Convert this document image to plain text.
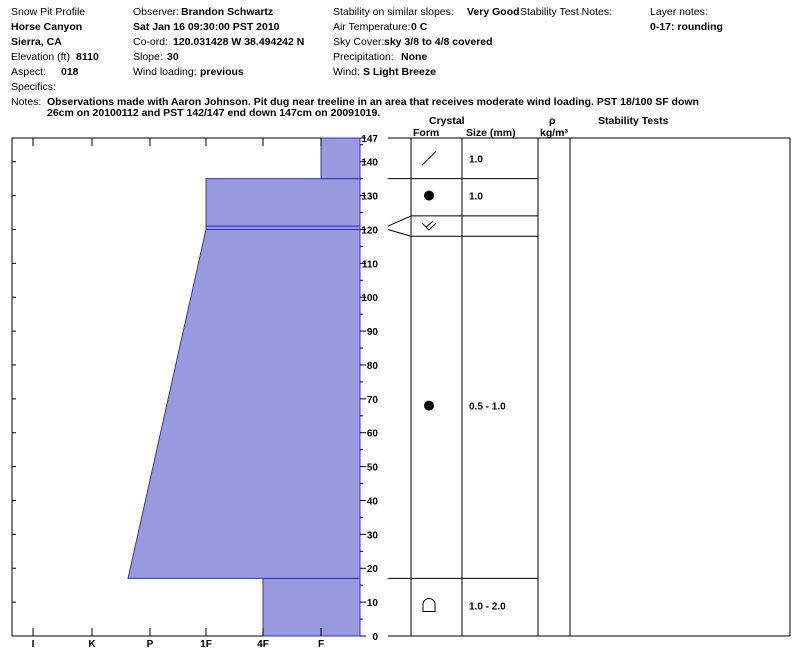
Snow Pit Profile
Horse Canyon
Sierra, CA
Elevation (ft) 8110
Aspect: 018
Specifics:
Observer: Brandon Schwartz
Sat Jan 16 09:30:00 PST 2010
Co-ord: 120.031428 W 38.494242 N
Slope: 30
Wind loading: previous
Stability on similar slopes: Very Good
Air Temperature: 0 C
Sky Cover: sky 3/8 to 4/8 covered
Precipitation: None
Wind: S Light Breeze
Stability Test Notes:	Layer notes:
0-17: rounding
Notes: Observations made with Aaron Johnson. Pit dug near treeline in an area that receives moderate wind loading. PST 18/100 SF down
26cm on 20100112 and PST 142/147 end down 147cm on 20091019.
Crystal
Form	Size (mm)
ρ
kg/m³
Stability Tests
I	K	P	1F	4F	F
0
10
20
30
40
50
60
70
80
90
100
110
120
130
140
147
1.0
1.0
0.5 - 1.0
1.0 - 2.0
